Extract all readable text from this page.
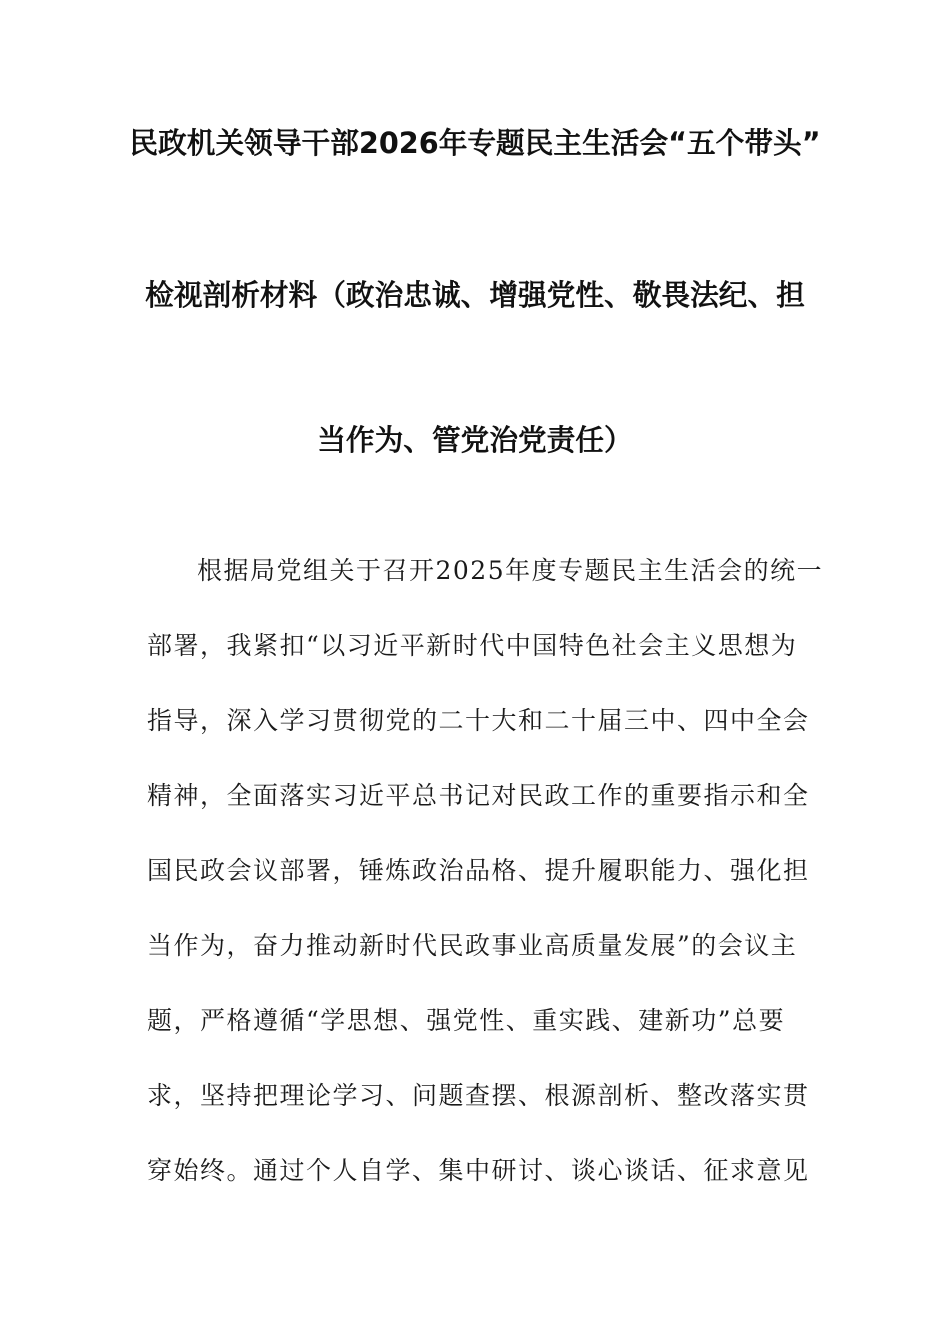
民政机关领导干部2026年专题民主生活会“五个带头”
检视剖析材料（政治忠诚、增强党性、敬畏法纪、担
当作为、管党治党责任）
根据局党组关于召开2025年度专题民主生活会的统一
部署，我紧扣“以习近平新时代中国特色社会主义思想为
指导，深入学习贯彻党的二十大和二十届三中、四中全会
精神，全面落实习近平总书记对民政工作的重要指示和全
国民政会议部署，锤炼政治品格、提升履职能力、强化担
当作为，奋力推动新时代民政事业高质量发展”的会议主
题，严格遵循“学思想、强党性、重实践、建新功”总要
求，坚持把理论学习、问题查摆、根源剖析、整改落实贯
穿始终。通过个人自学、集中研讨、谈心谈话、征求意见
